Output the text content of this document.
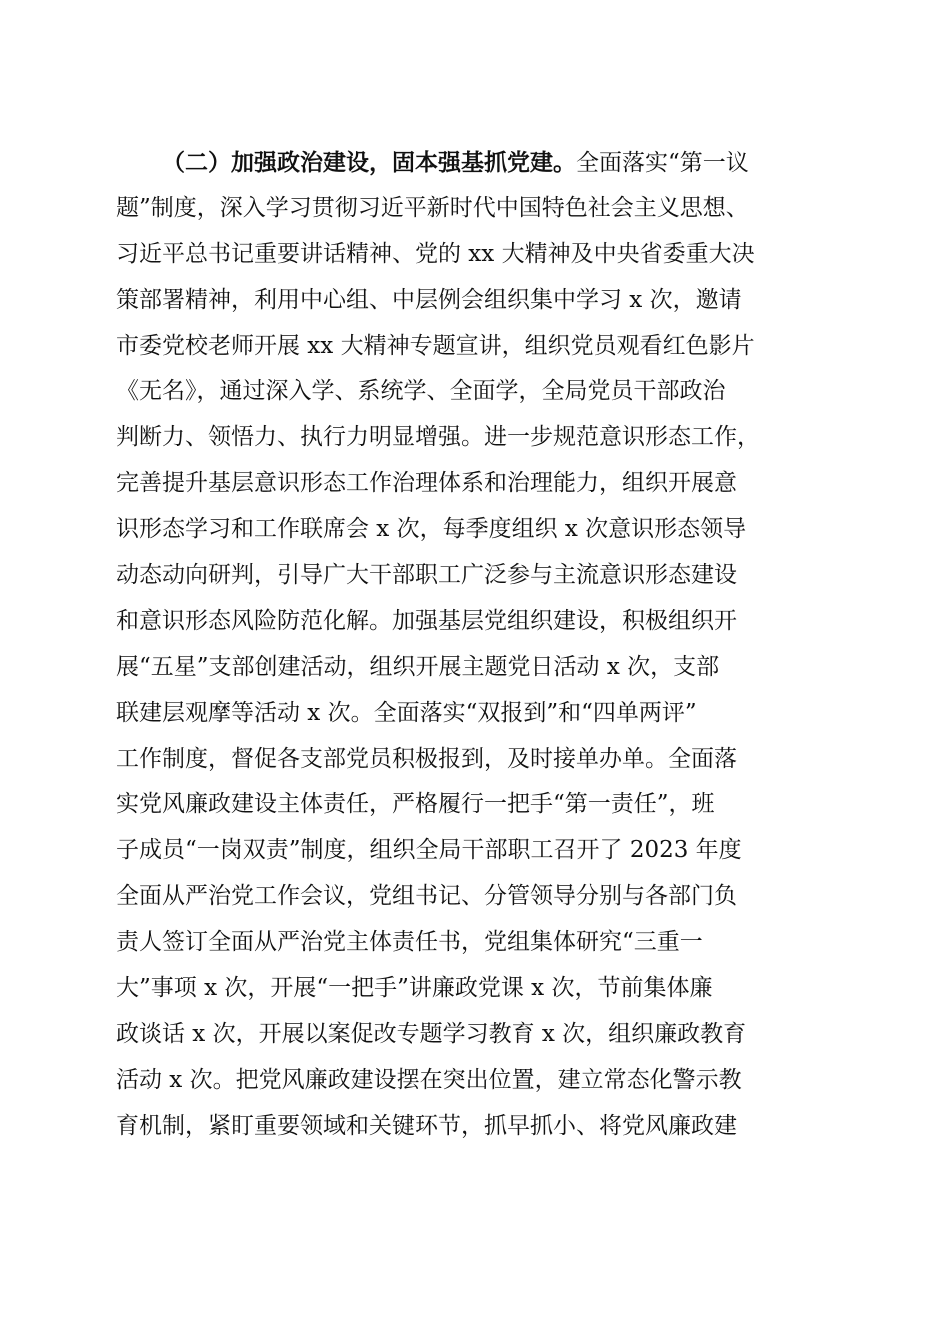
（二）加强政治建设，固本强基抓党建。全面落实“第一议
题”制度，深入学习贯彻习近平新时代中国特色社会主义思想、
习近平总书记重要讲话精神、党的 xx 大精神及中央省委重大决
策部署精神，利用中心组、中层例会组织集中学习 x 次，邀请
市委党校老师开展 xx 大精神专题宣讲，组织党员观看红色影片
《无名》，通过深入学、系统学、全面学，全局党员干部政治
判断力、领悟力、执行力明显增强。进一步规范意识形态工作，
完善提升基层意识形态工作治理体系和治理能力，组织开展意
识形态学习和工作联席会 x 次，每季度组织 x 次意识形态领导
动态动向研判，引导广大干部职工广泛参与主流意识形态建设
和意识形态风险防范化解。加强基层党组织建设，积极组织开
展“五星”支部创建活动，组织开展主题党日活动 x 次，支部
联建层观摩等活动 x 次。全面落实“双报到”和“四单两评”
工作制度，督促各支部党员积极报到，及时接单办单。全面落
实党风廉政建设主体责任，严格履行一把手“第一责任”，班
子成员“一岗双责”制度，组织全局干部职工召开了 2023 年度
全面从严治党工作会议，党组书记、分管领导分别与各部门负
责人签订全面从严治党主体责任书，党组集体研究“三重一
大”事项 x 次，开展“一把手”讲廉政党课 x 次，节前集体廉
政谈话 x 次，开展以案促改专题学习教育 x 次，组织廉政教育
活动 x 次。把党风廉政建设摆在突出位置，建立常态化警示教
育机制，紧盯重要领域和关键环节，抓早抓小、将党风廉政建
